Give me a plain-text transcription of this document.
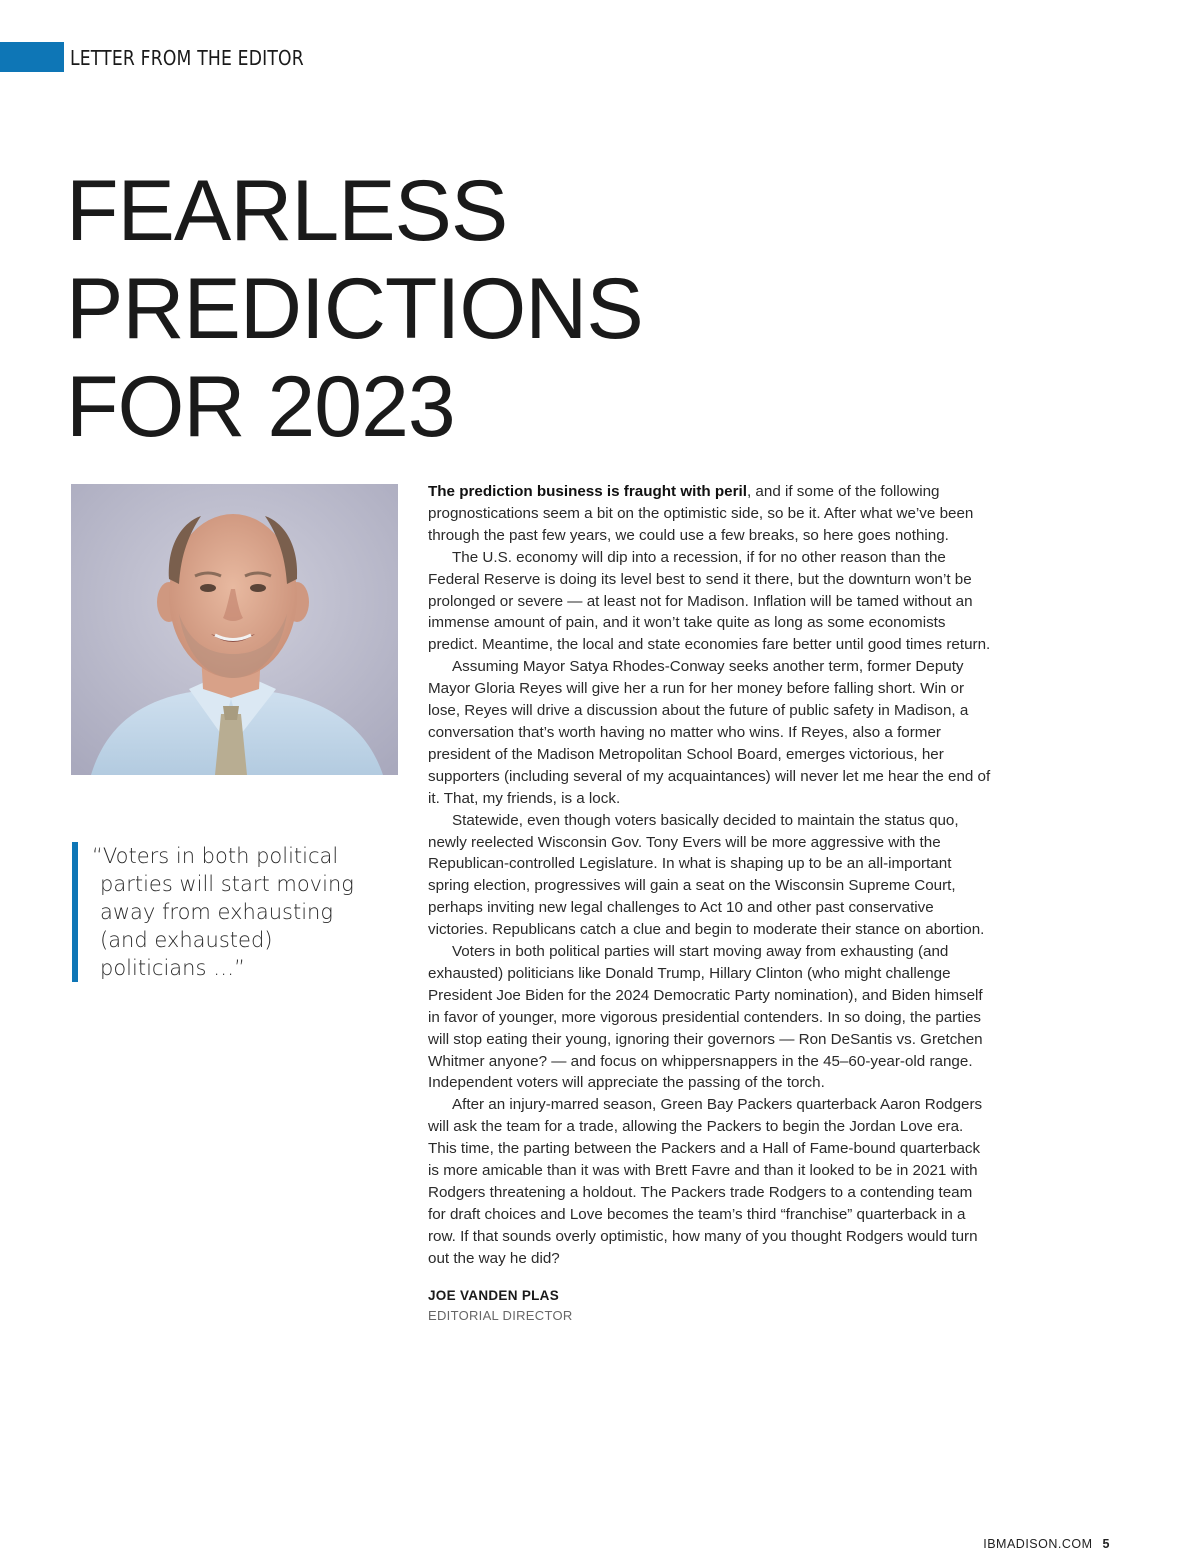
LETTER FROM THE EDITOR
FEARLESS
PREDICTIONS
FOR 2023
“Voters in both political parties will start moving away from exhausting (and exhausted) politicians …”

The prediction business is fraught with peril, and if some of the following prognostications seem a bit on the optimistic side, so be it. After what we’ve been through the past few years, we could use a few breaks, so here goes nothing.

The U.S. economy will dip into a recession, if for no other reason than the Federal Reserve is doing its level best to send it there, but the downturn won’t be prolonged or severe — at least not for Madison. Inflation will be tamed without an immense amount of pain, and it won’t take quite as long as some economists predict. Meantime, the local and state economies fare better until good times return.

Assuming Mayor Satya Rhodes-Conway seeks another term, former Deputy Mayor Gloria Reyes will give her a run for her money before falling short. Win or lose, Reyes will drive a discussion about the future of public safety in Madison, a conversation that’s worth having no matter who wins. If Reyes, also a former president of the Madison Metropolitan School Board, emerges victorious, her supporters (including several of my acquaintances) will never let me hear the end of it. That, my friends, is a lock.

Statewide, even though voters basically decided to maintain the status quo, newly reelected Wisconsin Gov. Tony Evers will be more aggressive with the Republican-controlled Legislature. In what is shaping up to be an all-important spring election, progressives will gain a seat on the Wisconsin Supreme Court, perhaps inviting new legal challenges to Act 10 and other past conservative victories. Republicans catch a clue and begin to moderate their stance on abortion.

Voters in both political parties will start moving away from exhausting (and exhausted) politicians like Donald Trump, Hillary Clinton (who might challenge President Joe Biden for the 2024 Democratic Party nomination), and Biden himself in favor of younger, more vigorous presidential contenders. In so doing, the parties will stop eating their young, ignoring their governors — Ron DeSantis vs. Gretchen Whitmer anyone? — and focus on whippersnappers in the 45–60-year-old range. Independent voters will appreciate the passing of the torch.

After an injury-marred season, Green Bay Packers quarterback Aaron Rodgers will ask the team for a trade, allowing the Packers to begin the Jordan Love era. This time, the parting between the Packers and a Hall of Fame-bound quarterback is more amicable than it was with Brett Favre and than it looked to be in 2021 with Rodgers threatening a holdout. The Packers trade Rodgers to a contending team for draft choices and Love becomes the team’s third “franchise” quarterback in a row. If that sounds overly optimistic, how many of you thought Rodgers would turn out the way he did?

JOE VANDEN PLAS
EDITORIAL DIRECTOR
IBMADISON.COM 5
